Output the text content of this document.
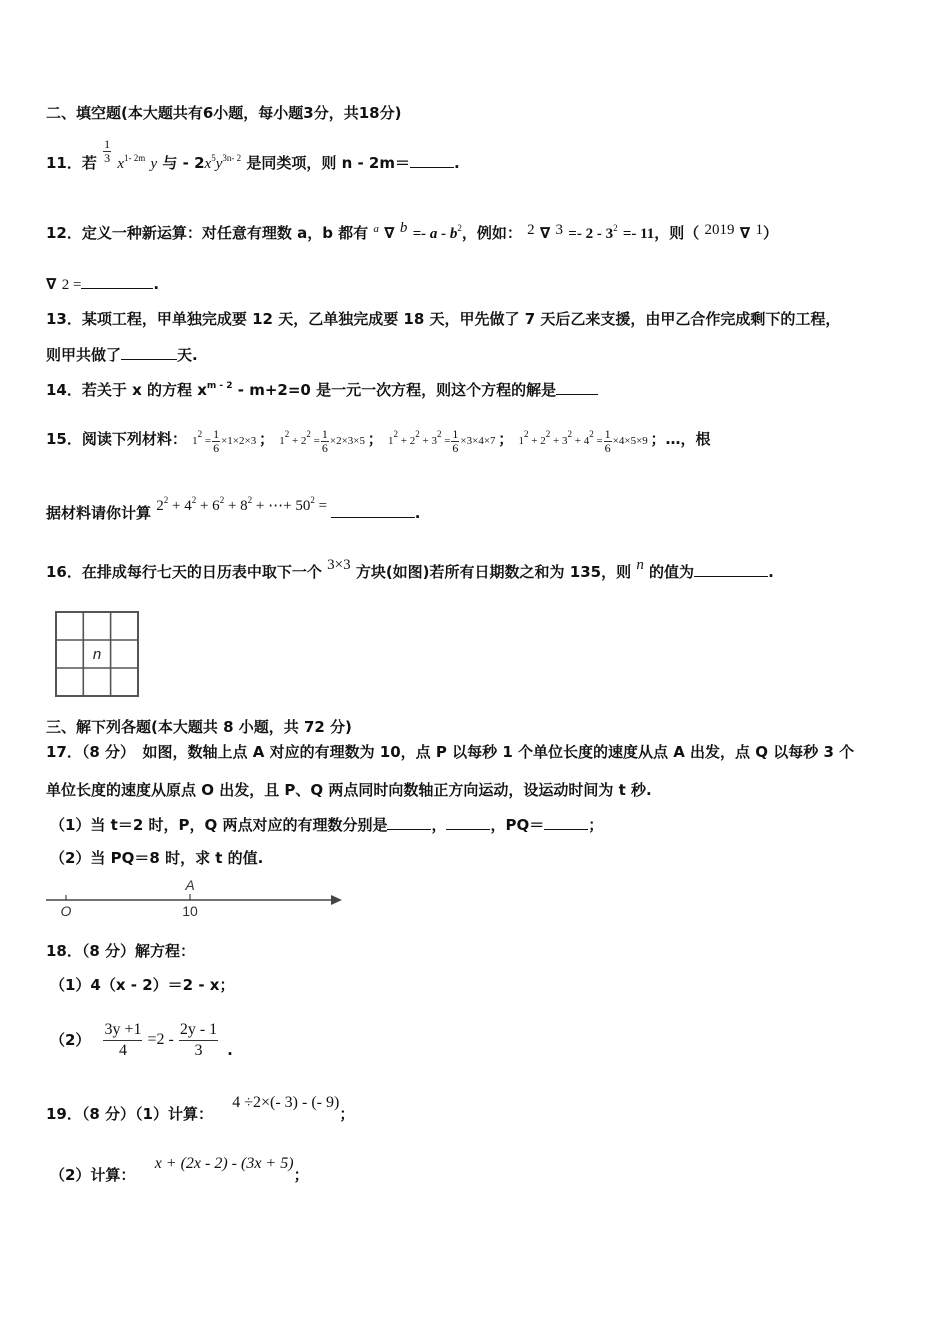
二、填空题(本大题共有6小题，每小题3分，共18分)
11．若 $\frac{1}{3} x^{1- 2m}$ y 与 - $2x^5y^{3n- 2}$ 是同类项，则 n - 2m＝	.
12．定义一种新运算：对任意有理数 a，b 都有 $^a$ ∇ $b =- a - b^2$，例如： 2 ∇ $3 =- 2 - 3^2 =- 11$，则（ 2019 ∇ 1）
∇ 2 =	.
13．某项工程，甲单独完成要 12 天，乙单独完成要 18 天，甲先做了 7 天后乙来支援，由甲乙合作完成剩下的工程，
则甲共做了	天.
14．若关于 x 的方程 $x^{m - 2} - m+2=0$ 是一元一次方程，则这个方程的解是
15．阅读下列材料： $1^2 = \frac{1}{6} \times 1\times 2\times 3$ ； $1^2 + 2^2 = \frac{1}{6} \times 2\times 3\times 5$ ； $1^2 + 2^2 + 3^2 = \frac{1}{6} \times 3\times 4\times 7$ ； $1^2 + 2^2 + 3^2 + 4^2 = \frac{1}{6} \times 4\times 5\times 9$ ；…，根
据材料请你计算 $2^2 + 4^2 + 6^2 + 8^2$ + ⋯+ $50^2$ =	.
16．在排成每行七天的日历表中取下一个 3×3 方块(如图)若所有日期数之和为 135，则 n 的值为	.
n
三、解下列各题(本大题共 8 小题，共 72 分)
17．（8 分）　如图，数轴上点 A 对应的有理数为 10，点 P 以每秒 1 个单位长度的速度从点 A 出发，点 Q 以每秒 3 个
单位长度的速度从原点 O 出发，且 P、Q 两点同时向数轴正方向运动，设运动时间为 t 秒.
（1）当 t＝2 时，P，Q 两点对应的有理数分别是	，	，PQ＝	；
（2）当 PQ＝8 时，求 t 的值.
O
A
10
18．（8 分）解方程：
（1）4（x - 2）＝2 - x；
$(2) \frac{3y +1}{4} =2 - \frac{2y - 1}{3}$ .
19．（8 分）（1）计算： 4 ÷2×(- 3) - (- 9)；
（2）计算： x + (2x - 2) - (3x + 5)；
